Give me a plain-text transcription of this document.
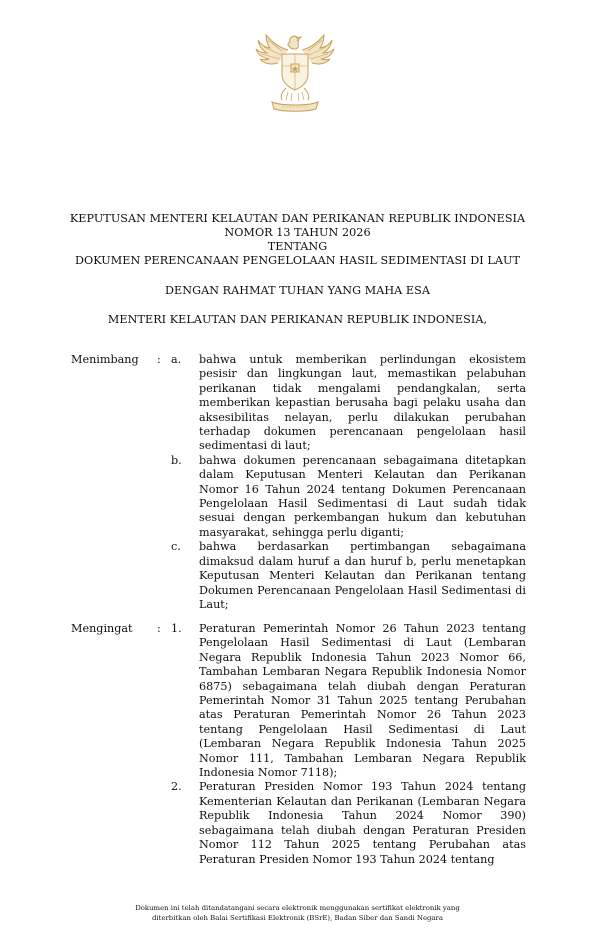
KEPUTUSAN MENTERI KELAUTAN DAN PERIKANAN REPUBLIK INDONESIA
NOMOR 13 TAHUN 2026
TENTANG
DOKUMEN PERENCANAAN PENGELOLAAN HASIL SEDIMENTASI DI LAUT
DENGAN RAHMAT TUHAN YANG MAHA ESA
MENTERI KELAUTAN DAN PERIKANAN REPUBLIK INDONESIA,
Menimbang : a. bahwa untuk memberikan perlindungan ekosistem pesisir dan lingkungan laut, memastikan pelabuhan perikanan tidak mengalami pendangkalan, serta memberikan kepastian berusaha bagi pelaku usaha dan aksesibilitas nelayan, perlu dilakukan perubahan terhadap dokumen perencanaan pengelolaan hasil sedimentasi di laut;
b. bahwa dokumen perencanaan sebagaimana ditetapkan dalam Keputusan Menteri Kelautan dan Perikanan Nomor 16 Tahun 2024 tentang Dokumen Perencanaan Pengelolaan Hasil Sedimentasi di Laut sudah tidak sesuai dengan perkembangan hukum dan kebutuhan masyarakat, sehingga perlu diganti;
c. bahwa berdasarkan pertimbangan sebagaimana dimaksud dalam huruf a dan huruf b, perlu menetapkan Keputusan Menteri Kelautan dan Perikanan tentang Dokumen Perencanaan Pengelolaan Hasil Sedimentasi di Laut;
Mengingat : 1. Peraturan Pemerintah Nomor 26 Tahun 2023 tentang Pengelolaan Hasil Sedimentasi di Laut (Lembaran Negara Republik Indonesia Tahun 2023 Nomor 66, Tambahan Lembaran Negara Republik Indonesia Nomor 6875) sebagaimana telah diubah dengan Peraturan Pemerintah Nomor 31 Tahun 2025 tentang Perubahan atas Peraturan Pemerintah Nomor 26 Tahun 2023 tentang Pengelolaan Hasil Sedimentasi di Laut (Lembaran Negara Republik Indonesia Tahun 2025 Nomor 111, Tambahan Lembaran Negara Republik Indonesia Nomor 7118);
2. Peraturan Presiden Nomor 193 Tahun 2024 tentang Kementerian Kelautan dan Perikanan (Lembaran Negara Republik Indonesia Tahun 2024 Nomor 390) sebagaimana telah diubah dengan Peraturan Presiden Nomor 112 Tahun 2025 tentang Perubahan atas Peraturan Presiden Nomor 193 Tahun 2024 tentang
Dokumen ini telah ditandatangani secara elektronik menggunakan sertifikat elektronik yang
diterbitkan oleh Balai Sertifikasi Elektronik (BSrE), Badan Siber dan Sandi Negara
